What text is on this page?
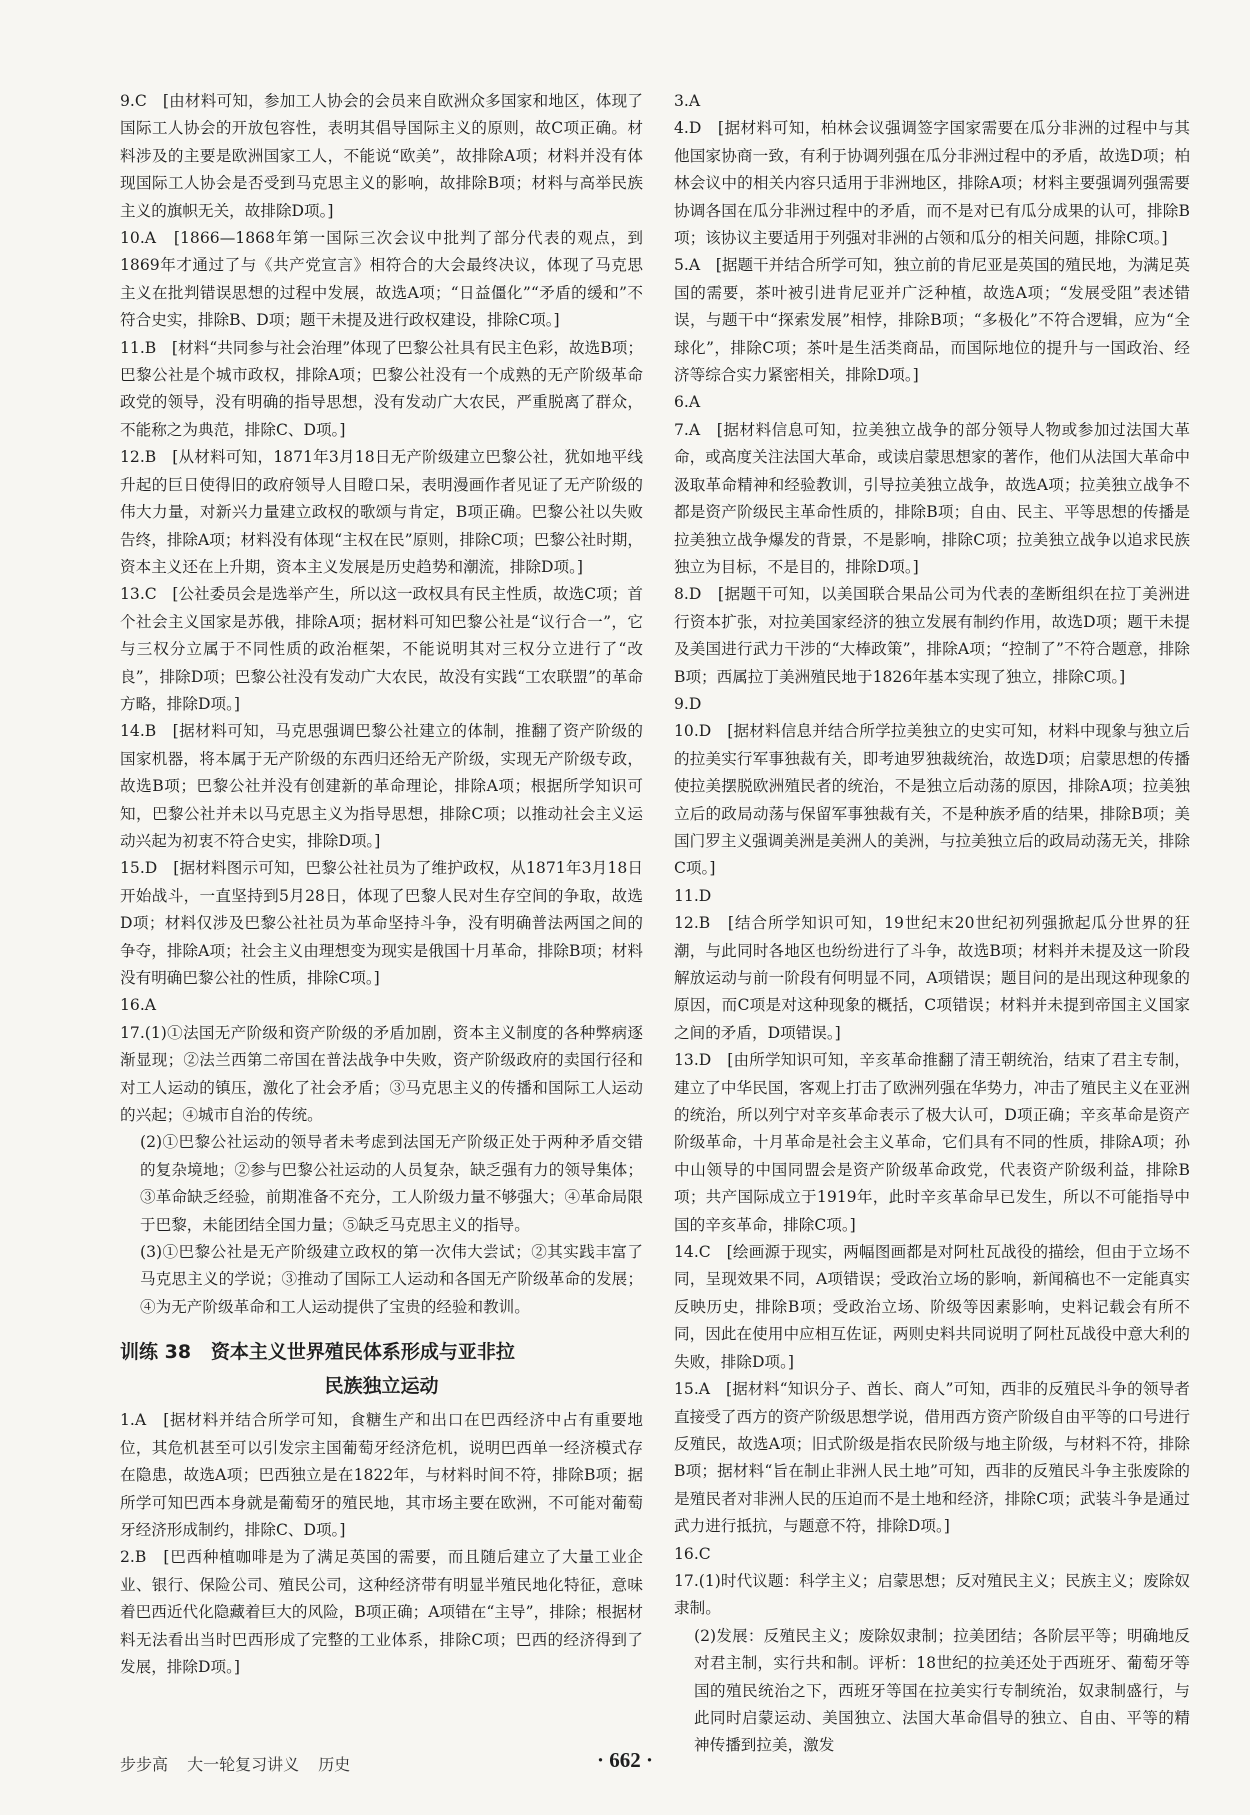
9.C　[由材料可知，参加工人协会的会员来自欧洲众多国家和地区，体现了国际工人协会的开放包容性，表明其倡导国际主义的原则，故C项正确。材料涉及的主要是欧洲国家工人，不能说“欧美”，故排除A项；材料并没有体现国际工人协会是否受到马克思主义的影响，故排除B项；材料与高举民族主义的旗帜无关，故排除D项。]

10.A　[1866—1868年第一国际三次会议中批判了部分代表的观点，到1869年才通过了与《共产党宣言》相符合的大会最终决议，体现了马克思主义在批判错误思想的过程中发展，故选A项；“日益僵化”“矛盾的缓和”不符合史实，排除B、D项；题干未提及进行政权建设，排除C项。]

11.B　[材料“共同参与社会治理”体现了巴黎公社具有民主色彩，故选B项；巴黎公社是个城市政权，排除A项；巴黎公社没有一个成熟的无产阶级革命政党的领导，没有明确的指导思想，没有发动广大农民，严重脱离了群众，不能称之为典范，排除C、D项。]

12.B　[从材料可知，1871年3月18日无产阶级建立巴黎公社，犹如地平线升起的巨日使得旧的政府领导人目瞪口呆，表明漫画作者见证了无产阶级的伟大力量，对新兴力量建立政权的歌颂与肯定，B项正确。巴黎公社以失败告终，排除A项；材料没有体现“主权在民”原则，排除C项；巴黎公社时期，资本主义还在上升期，资本主义发展是历史趋势和潮流，排除D项。]

13.C　[公社委员会是选举产生，所以这一政权具有民主性质，故选C项；首个社会主义国家是苏俄，排除A项；据材料可知巴黎公社是“议行合一”，它与三权分立属于不同性质的政治框架，不能说明其对三权分立进行了“改良”，排除D项；巴黎公社没有发动广大农民，故没有实践“工农联盟”的革命方略，排除D项。]

14.B　[据材料可知，马克思强调巴黎公社建立的体制，推翻了资产阶级的国家机器，将本属于无产阶级的东西归还给无产阶级，实现无产阶级专政，故选B项；巴黎公社并没有创建新的革命理论，排除A项；根据所学知识可知，巴黎公社并未以马克思主义为指导思想，排除C项；以推动社会主义运动兴起为初衷不符合史实，排除D项。]

15.D　[据材料图示可知，巴黎公社社员为了维护政权，从1871年3月18日开始战斗，一直坚持到5月28日，体现了巴黎人民对生存空间的争取，故选D项；材料仅涉及巴黎公社社员为革命坚持斗争，没有明确普法两国之间的争夺，排除A项；社会主义由理想变为现实是俄国十月革命，排除B项；材料没有明确巴黎公社的性质，排除C项。]

16.A

17.(1)①法国无产阶级和资产阶级的矛盾加剧，资本主义制度的各种弊病逐渐显现；②法兰西第二帝国在普法战争中失败，资产阶级政府的卖国行径和对工人运动的镇压，激化了社会矛盾；③马克思主义的传播和国际工人运动的兴起；④城市自治的传统。

(2)①巴黎公社运动的领导者未考虑到法国无产阶级正处于两种矛盾交错的复杂境地；②参与巴黎公社运动的人员复杂，缺乏强有力的领导集体；③革命缺乏经验，前期准备不充分，工人阶级力量不够强大；④革命局限于巴黎，未能团结全国力量；⑤缺乏马克思主义的指导。

(3)①巴黎公社是无产阶级建立政权的第一次伟大尝试；②其实践丰富了马克思主义的学说；③推动了国际工人运动和各国无产阶级革命的发展；④为无产阶级革命和工人运动提供了宝贵的经验和教训。

训练 38 资本主义世界殖民体系形成与亚非拉
民族独立运动

1.A　[据材料并结合所学可知，食糖生产和出口在巴西经济中占有重要地位，其危机甚至可以引发宗主国葡萄牙经济危机，说明巴西单一经济模式存在隐患，故选A项；巴西独立是在1822年，与材料时间不符，排除B项；据所学可知巴西本身就是葡萄牙的殖民地，其市场主要在欧洲，不可能对葡萄牙经济形成制约，排除C、D项。]

2.B　[巴西种植咖啡是为了满足英国的需要，而且随后建立了大量工业企业、银行、保险公司、殖民公司，这种经济带有明显半殖民地化特征，意味着巴西近代化隐藏着巨大的风险，B项正确；A项错在“主导”，排除；根据材料无法看出当时巴西形成了完整的工业体系，排除C项；巴西的经济得到了发展，排除D项。]

3.A

4.D　[据材料可知，柏林会议强调签字国家需要在瓜分非洲的过程中与其他国家协商一致，有利于协调列强在瓜分非洲过程中的矛盾，故选D项；柏林会议中的相关内容只适用于非洲地区，排除A项；材料主要强调列强需要协调各国在瓜分非洲过程中的矛盾，而不是对已有瓜分成果的认可，排除B项；该协议主要适用于列强对非洲的占领和瓜分的相关问题，排除C项。]

5.A　[据题干并结合所学可知，独立前的肯尼亚是英国的殖民地，为满足英国的需要，茶叶被引进肯尼亚并广泛种植，故选A项；“发展受阻”表述错误，与题干中“探索发展”相悖，排除B项；“多极化”不符合逻辑，应为“全球化”，排除C项；茶叶是生活类商品，而国际地位的提升与一国政治、经济等综合实力紧密相关，排除D项。]

6.A

7.A　[据材料信息可知，拉美独立战争的部分领导人物或参加过法国大革命，或高度关注法国大革命，或读启蒙思想家的著作，他们从法国大革命中汲取革命精神和经验教训，引导拉美独立战争，故选A项；拉美独立战争不都是资产阶级民主革命性质的，排除B项；自由、民主、平等思想的传播是拉美独立战争爆发的背景，不是影响，排除C项；拉美独立战争以追求民族独立为目标，不是目的，排除D项。]

8.D　[据题干可知，以美国联合果品公司为代表的垄断组织在拉丁美洲进行资本扩张，对拉美国家经济的独立发展有制约作用，故选D项；题干未提及美国进行武力干涉的“大棒政策”，排除A项；“控制了”不符合题意，排除B项；西属拉丁美洲殖民地于1826年基本实现了独立，排除C项。]

9.D

10.D　[据材料信息并结合所学拉美独立的史实可知，材料中现象与独立后的拉美实行军事独裁有关，即考迪罗独裁统治，故选D项；启蒙思想的传播使拉美摆脱欧洲殖民者的统治，不是独立后动荡的原因，排除A项；拉美独立后的政局动荡与保留军事独裁有关，不是种族矛盾的结果，排除B项；美国门罗主义强调美洲是美洲人的美洲，与拉美独立后的政局动荡无关，排除C项。]

11.D

12.B　[结合所学知识可知，19世纪末20世纪初列强掀起瓜分世界的狂潮，与此同时各地区也纷纷进行了斗争，故选B项；材料并未提及这一阶段解放运动与前一阶段有何明显不同，A项错误；题目问的是出现这种现象的原因，而C项是对这种现象的概括，C项错误；材料并未提到帝国主义国家之间的矛盾，D项错误。]

13.D　[由所学知识可知，辛亥革命推翻了清王朝统治，结束了君主专制，建立了中华民国，客观上打击了欧洲列强在华势力，冲击了殖民主义在亚洲的统治，所以列宁对辛亥革命表示了极大认可，D项正确；辛亥革命是资产阶级革命，十月革命是社会主义革命，它们具有不同的性质，排除A项；孙中山领导的中国同盟会是资产阶级革命政党，代表资产阶级利益，排除B项；共产国际成立于1919年，此时辛亥革命早已发生，所以不可能指导中国的辛亥革命，排除C项。]

14.C　[绘画源于现实，两幅图画都是对阿杜瓦战役的描绘，但由于立场不同，呈现效果不同，A项错误；受政治立场的影响，新闻稿也不一定能真实反映历史，排除B项；受政治立场、阶级等因素影响，史料记载会有所不同，因此在使用中应相互佐证，两则史料共同说明了阿杜瓦战役中意大利的失败，排除D项。]

15.A　[据材料“知识分子、酋长、商人”可知，西非的反殖民斗争的领导者直接受了西方的资产阶级思想学说，借用西方资产阶级自由平等的口号进行反殖民，故选A项；旧式阶级是指农民阶级与地主阶级，与材料不符，排除B项；据材料“旨在制止非洲人民土地”可知，西非的反殖民斗争主张废除的是殖民者对非洲人民的压迫而不是土地和经济，排除C项；武装斗争是通过武力进行抵抗，与题意不符，排除D项。]

16.C

17.(1)时代议题：科学主义；启蒙思想；反对殖民主义；民族主义；废除奴隶制。

(2)发展：反殖民主义；废除奴隶制；拉美团结；各阶层平等；明确地反对君主制，实行共和制。评析：18世纪的拉美还处于西班牙、葡萄牙等国的殖民统治之下，西班牙等国在拉美实行专制统治，奴隶制盛行，与此同时启蒙运动、美国独立、法国大革命倡导的独立、自由、平等的精神传播到拉美，激发

步步高 大一轮复习讲义 历史	· 662 ·
